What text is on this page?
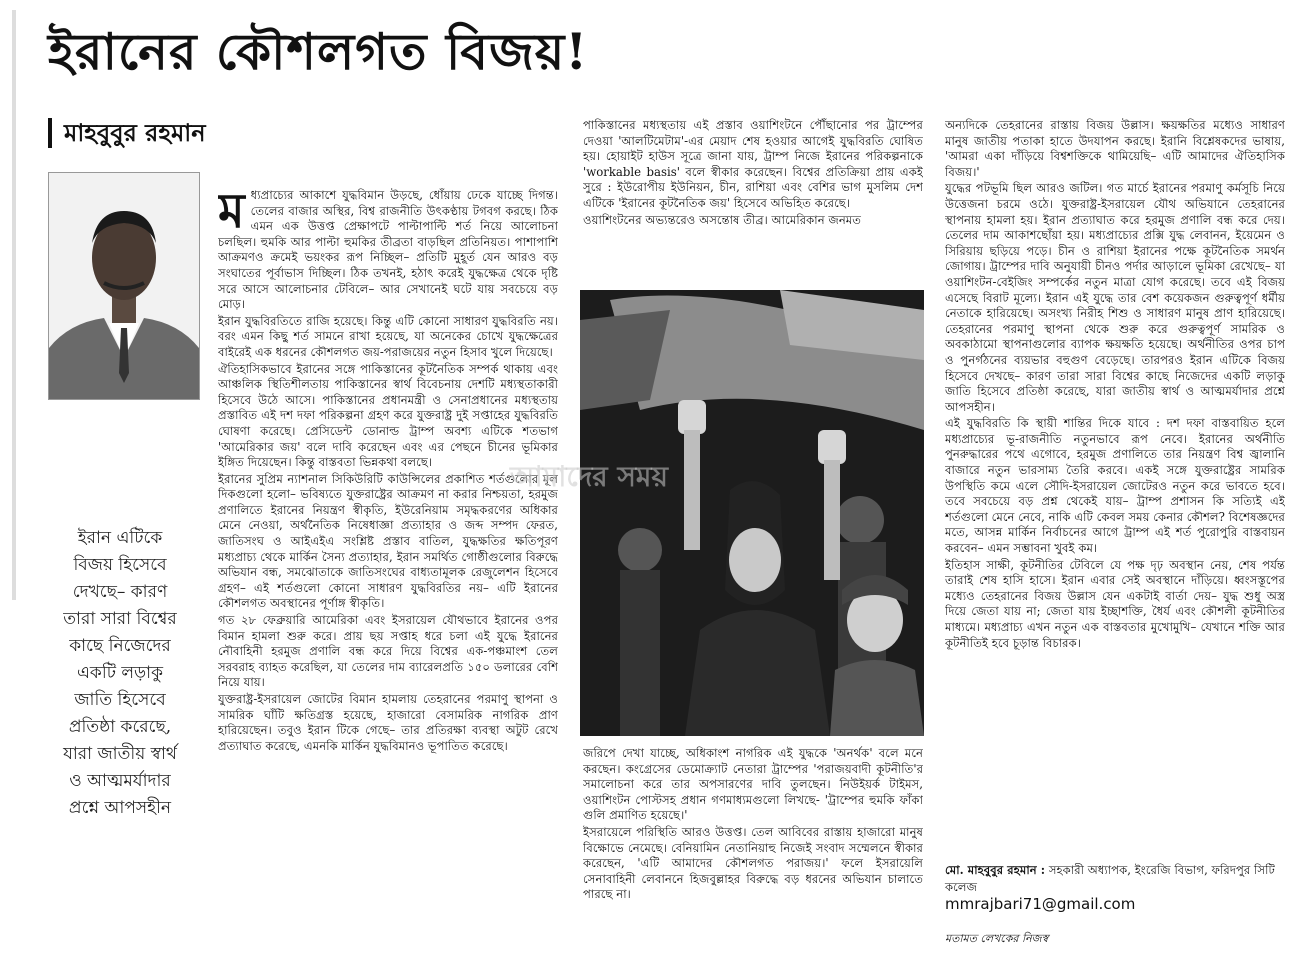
ইরানের কৌশলগত বিজয়!
মাহবুবুর রহমান
ইরান এটিকে বিজয় হিসেবে দেখছে– কারণ তারা সারা বিশ্বের কাছে নিজেদের একটি লড়াকু জাতি হিসেবে প্রতিষ্ঠা করেছে, যারা জাতীয় স্বার্থ ও আত্মমর্যাদার প্রশ্নে আপসহীন
ম ধ্যপ্রাচ্যের আকাশে যুদ্ধবিমান উড়ছে, ধোঁয়ায় ঢেকে যাচ্ছে দিগন্ত। তেলের বাজার অস্থির, বিশ্ব রাজনীতি উৎকণ্ঠায় টগবগ করছে। ঠিক এমন এক উত্তপ্ত প্রেক্ষাপটে পাল্টাপাল্টি শর্ত নিয়ে আলোচনা চলছিল। হুমকি আর পাল্টা হুমকির তীব্রতা বাড়ছিল প্রতিনিয়ত। পাশাপাশি আক্রমণও ক্রমেই ভয়ংকর রূপ নিচ্ছিল– প্রতিটি মুহূর্ত যেন আরও বড় সংঘাতের পূর্বাভাস দিচ্ছিল। ঠিক তখনই, হঠাৎ করেই যুদ্ধক্ষেত্র থেকে দৃষ্টি সরে আসে আলোচনার টেবিলে– আর সেখানেই ঘটে যায় সবচেয়ে বড় মোড়।

ইরান যুদ্ধবিরতিতে রাজি হয়েছে। কিন্তু এটি কোনো সাধারণ যুদ্ধবিরতি নয়। বরং এমন কিছু শর্ত সামনে রাখা হয়েছে, যা অনেকের চোখে যুদ্ধক্ষেত্রের বাইরেই এক ধরনের কৌশলগত জয়-পরাজয়ের নতুন হিসাব খুলে দিয়েছে।

ঐতিহাসিকভাবে ইরানের সঙ্গে পাকিস্তানের কূটনৈতিক সম্পর্ক থাকায় এবং আঞ্চলিক স্থিতিশীলতায় পাকিস্তানের স্বার্থ বিবেচনায় দেশটি মধ্যস্থতাকারী হিসেবে উঠে আসে। পাকিস্তানের প্রধানমন্ত্রী ও সেনাপ্রধানের মধ্যস্থতায় প্রস্তাবিত এই দশ দফা পরিকল্পনা গ্রহণ করে যুক্তরাষ্ট্র দুই সপ্তাহের যুদ্ধবিরতি ঘোষণা করেছে। প্রেসিডেন্ট ডোনাল্ড ট্রাম্প অবশ্য এটিকে শতভাগ 'আমেরিকার জয়' বলে দাবি করেছেন এবং এর পেছনে চীনের ভূমিকার ইঙ্গিত দিয়েছেন। কিন্তু বাস্তবতা ভিন্নকথা বলছে।

ইরানের সুপ্রিম ন্যাশনাল সিকিউরিটি কাউন্সিলের প্রকাশিত শর্তগুলোর মূল দিকগুলো হলো– ভবিষ্যতে যুক্তরাষ্ট্রের আক্রমণ না করার নিশ্চয়তা, হরমুজ প্রণালিতে ইরানের নিয়ন্ত্রণ স্বীকৃতি, ইউরেনিয়াম সমৃদ্ধকরণের অধিকার মেনে নেওয়া, অর্থনৈতিক নিষেধাজ্ঞা প্রত্যাহার ও জব্দ সম্পদ ফেরত, জাতিসংঘ ও আইএইএ সংশ্লিষ্ট প্রস্তাব বাতিল, যুদ্ধক্ষতির ক্ষতিপূরণ মধ্যপ্রাচ্য থেকে মার্কিন সৈন্য প্রত্যাহার, ইরান সমর্থিত গোষ্ঠীগুলোর বিরুদ্ধে অভিযান বন্ধ, সমঝোতাকে জাতিসংঘের বাধ্যতামূলক রেজুলেশন হিসেবে গ্রহণ– এই শর্তগুলো কোনো সাধারণ যুদ্ধবিরতির নয়– এটি ইরানের কৌশলগত অবস্থানের পূর্ণাঙ্গ স্বীকৃতি।

গত ২৮ ফেব্রুয়ারি আমেরিকা এবং ইসরায়েল যৌথভাবে ইরানের ওপর বিমান হামলা শুরু করে। প্রায় ছয় সপ্তাহ ধরে চলা এই যুদ্ধে ইরানের নৌবাহিনী হরমুজ প্রণালি বন্ধ করে দিয়ে বিশ্বের এক-পঞ্চমাংশ তেল সরবরাহ ব্যাহত করেছিল, যা তেলের দাম ব্যারেলপ্রতি ১৫০ ডলারের বেশি নিয়ে যায়।

যুক্তরাষ্ট্র-ইসরায়েল জোটের বিমান হামলায় তেহরানের পরমাণু স্থাপনা ও সামরিক ঘাঁটি ক্ষতিগ্রস্ত হয়েছে, হাজারো বেসামরিক নাগরিক প্রাণ হারিয়েছেন। তবুও ইরান টিকে গেছে– তার প্রতিরক্ষা ব্যবস্থা অটুট রেখে প্রত্যাঘাত করেছে, এমনকি মার্কিন যুদ্ধবিমানও ভূপাতিত করেছে।

পাকিস্তানের মধ্যস্থতায় এই প্রস্তাব ওয়াশিংটনে পৌঁছানোর পর ট্রাম্পের দেওয়া 'আলটিমেটাম'-এর মেয়াদ শেষ হওয়ার আগেই যুদ্ধবিরতি ঘোষিত হয়। হোয়াইট হাউস সূত্রে জানা যায়, ট্রাম্প নিজে ইরানের পরিকল্পনাকে 'workable basis' বলে স্বীকার করেছেন। বিশ্বের প্রতিক্রিয়া প্রায় একই সুরে : ইউরোপীয় ইউনিয়ন, চীন, রাশিয়া এবং বেশির ভাগ মুসলিম দেশ এটিকে 'ইরানের কূটনৈতিক জয়' হিসেবে অভিহিত করেছে।

ওয়াশিংটনের অভ্যন্তরেও অসন্তোষ তীব্র। আমেরিকান জনমত

আমাদের সময়

জরিপে দেখা যাচ্ছে, অধিকাংশ নাগরিক এই যুদ্ধকে 'অনর্থক' বলে মনে করছেন। কংগ্রেসের ডেমোক্র্যাট নেতারা ট্রাম্পের 'পরাজয়বাদী কূটনীতি'র সমালোচনা করে তার অপসারণের দাবি তুলছেন। নিউইয়র্ক টাইমস, ওয়াশিংটন পোস্টসহ প্রধান গণমাধ্যমগুলো লিখছে- 'ট্রাম্পের হুমকি ফাঁকা গুলি প্রমাণিত হয়েছে।'

ইসরায়েলে পরিস্থিতি আরও উত্তপ্ত। তেল আবিবের রাস্তায় হাজারো মানুষ বিক্ষোভে নেমেছে। বেনিয়ামিন নেতানিয়াহু নিজেই সংবাদ সম্মেলনে স্বীকার করেছেন, 'এটি আমাদের কৌশলগত পরাজয়।' ফলে ইসরায়েলি সেনাবাহিনী লেবাননে হিজবুল্লাহর বিরুদ্ধে বড় ধরনের অভিযান চালাতে পারছে না।

অন্যদিকে তেহরানের রাস্তায় বিজয় উল্লাস। ক্ষয়ক্ষতির মধ্যেও সাধারণ মানুষ জাতীয় পতাকা হাতে উদযাপন করছে। ইরানি বিশ্লেষকদের ভাষায়, 'আমরা একা দাঁড়িয়ে বিশ্বশক্তিকে থামিয়েছি– এটি আমাদের ঐতিহাসিক বিজয়।'

যুদ্ধের পটভূমি ছিল আরও জটিল। গত মার্চে ইরানের পরমাণু কর্মসূচি নিয়ে উত্তেজনা চরমে ওঠে। যুক্তরাষ্ট্র-ইসরায়েল যৌথ অভিযানে তেহরানের স্থাপনায় হামলা হয়। ইরান প্রত্যাঘাত করে হরমুজ প্রণালি বন্ধ করে দেয়। তেলের দাম আকাশছোঁয়া হয়। মধ্যপ্রাচ্যের প্রক্সি যুদ্ধ লেবানন, ইয়েমেন ও সিরিয়ায় ছড়িয়ে পড়ে। চীন ও রাশিয়া ইরানের পক্ষে কূটনৈতিক সমর্থন জোগায়। ট্রাম্পের দাবি অনুযায়ী চীনও পর্দার আড়ালে ভূমিকা রেখেছে– যা ওয়াশিংটন-বেইজিং সম্পর্কের নতুন মাত্রা যোগ করেছে। তবে এই বিজয় এসেছে বিরাট মূল্যে। ইরান এই যুদ্ধে তার বেশ কয়েকজন গুরুত্বপূর্ণ ধর্মীয় নেতাকে হারিয়েছে। অসংখ্য নিরীহ শিশু ও সাধারণ মানুষ প্রাণ হারিয়েছে। তেহরানের পরমাণু স্থাপনা থেকে শুরু করে গুরুত্বপূর্ণ সামরিক ও অবকাঠামো স্থাপনাগুলোর ব্যাপক ক্ষয়ক্ষতি হয়েছে। অর্থনীতির ওপর চাপ ও পুনর্গঠনের ব্যয়ভার বহুগুণ বেড়েছে। তারপরও ইরান এটিকে বিজয় হিসেবে দেখছে– কারণ তারা সারা বিশ্বের কাছে নিজেদের একটি লড়াকু জাতি হিসেবে প্রতিষ্ঠা করেছে, যারা জাতীয় স্বার্থ ও আত্মমর্যাদার প্রশ্নে আপসহীন।

এই যুদ্ধবিরতি কি স্থায়ী শান্তির দিকে যাবে : দশ দফা বাস্তবায়িত হলে মধ্যপ্রাচ্যের ভূ-রাজনীতি নতুনভাবে রূপ নেবে। ইরানের অর্থনীতি পুনরুদ্ধারের পথে এগোবে, হরমুজ প্রণালিতে তার নিয়ন্ত্রণ বিশ্ব জ্বালানি বাজারে নতুন ভারসাম্য তৈরি করবে। একই সঙ্গে যুক্তরাষ্ট্রের সামরিক উপস্থিতি কমে এলে সৌদি-ইসরায়েল জোটেরও নতুন করে ভাবতে হবে। তবে সবচেয়ে বড় প্রশ্ন থেকেই যায়– ট্রাম্প প্রশাসন কি সত্যিই এই শর্তগুলো মেনে নেবে, নাকি এটি কেবল সময় কেনার কৌশল? বিশেষজ্ঞদের মতে, আসন্ন মার্কিন নির্বাচনের আগে ট্রাম্প এই শর্ত পুরোপুরি বাস্তবায়ন করবেন– এমন সম্ভাবনা খুবই কম।

ইতিহাস সাক্ষী, কূটনীতির টেবিলে যে পক্ষ দৃঢ় অবস্থান নেয়, শেষ পর্যন্ত তারাই শেষ হাসি হাসে। ইরান এবার সেই অবস্থানে দাঁড়িয়ে। ধ্বংসস্তূপের মধ্যেও তেহরানের বিজয় উল্লাস যেন একটাই বার্তা দেয়– যুদ্ধ শুধু অস্ত্র দিয়ে জেতা যায় না; জেতা যায় ইচ্ছাশক্তি, ধৈর্য এবং কৌশলী কূটনীতির মাধ্যমে। মধ্যপ্রাচ্য এখন নতুন এক বাস্তবতার মুখোমুখি– যেখানে শক্তি আর কূটনীতিই হবে চূড়ান্ত বিচারক।

মো. মাহবুবুর রহমান : সহকারী অধ্যাপক, ইংরেজি বিভাগ, ফরিদপুর সিটি কলেজ
mmrajbari71@gmail.com
মতামত লেখকের নিজস্ব
